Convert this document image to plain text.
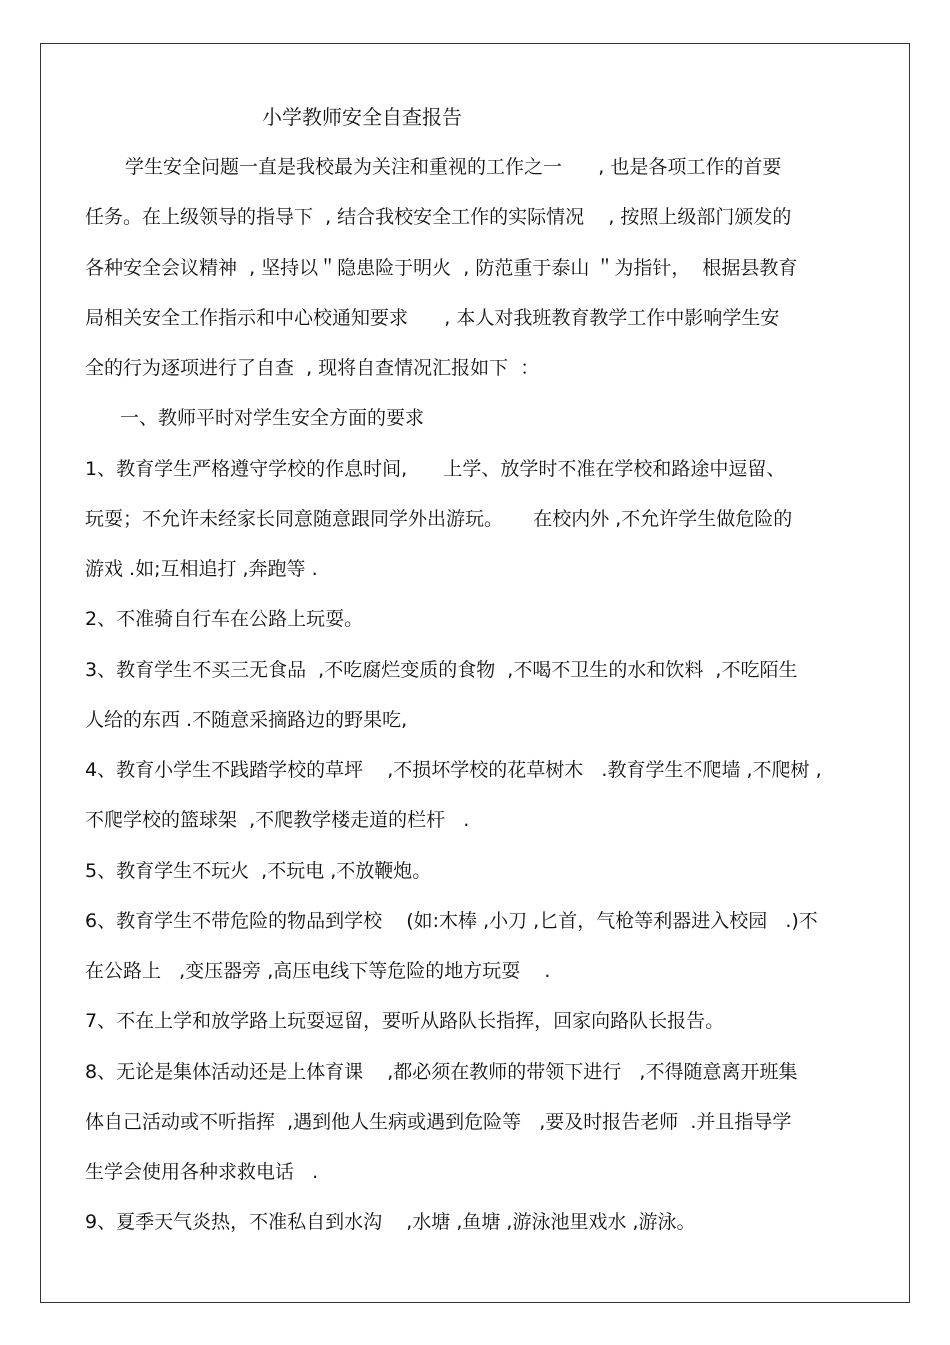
小学教师安全自查报告
学生安全问题一直是我校最为关注和重视的工作之一      , 也是各项工作的首要
任务。在上级领导的指导下  , 结合我校安全工作的实际情况    , 按照上级部门颁发的
各种安全会议精神  , 坚持以＂隐患险于明火  , 防范重于泰山 ＂为指针，  根据县教育
局相关安全工作指示和中心校通知要求      , 本人对我班教育教学工作中影响学生安
全的行为逐项进行了自查  , 现将自查情况汇报如下  ：
一、教师平时对学生安全方面的要求
1、教育学生严格遵守学校的作息时间,      上学、放学时不准在学校和路途中逗留、
玩耍；不允许未经家长同意随意跟同学外出游玩。     在校内外 ,不允许学生做危险的
游戏 .如;互相追打 ,奔跑等 .
2、不准骑自行车在公路上玩耍。
3、教育学生不买三无食品  ,不吃腐烂变质的食物  ,不喝不卫生的水和饮料  ,不吃陌生
人给的东西 .不随意采摘路边的野果吃,
4、教育小学生不践踏学校的草坪    ,不损坏学校的花草树木   .教育学生不爬墙 ,不爬树 ,
不爬学校的篮球架  ,不爬教学楼走道的栏杆   .
5、教育学生不玩火  ,不玩电 ,不放鞭炮。
6、教育学生不带危险的物品到学校    (如:木棒 ,小刀 ,匕首，气枪等利器进入校园   .)不
在公路上   ,变压器旁 ,高压电线下等危险的地方玩耍    .
7、不在上学和放学路上玩耍逗留，要听从路队长指挥，回家向路队长报告。
8、无论是集体活动还是上体育课    ,都必须在教师的带领下进行   ,不得随意离开班集
体自己活动或不听指挥  ,遇到他人生病或遇到危险等   ,要及时报告老师  .并且指导学
生学会使用各种求救电话   .
9、夏季天气炎热，不准私自到水沟    ,水塘 ,鱼塘 ,游泳池里戏水 ,游泳。
